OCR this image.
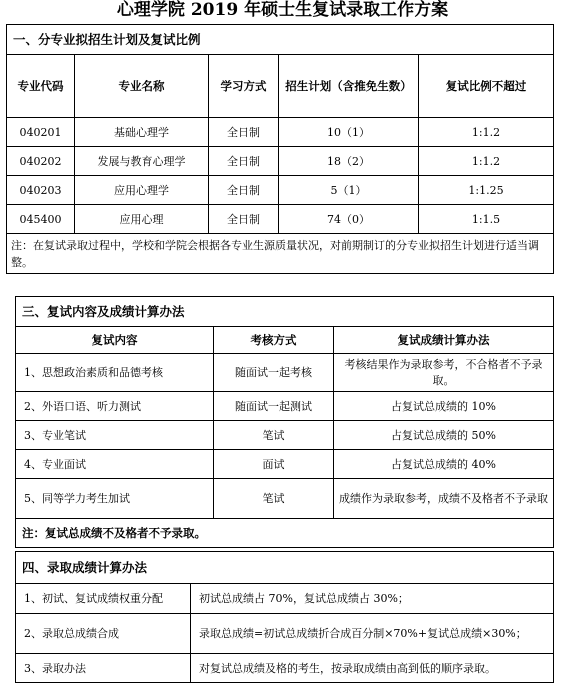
心理学院 2019 年硕士生复试录取工作方案
一、分专业拟招生计划及复试比例				
专业代码	专业名称	学习方式	招生计划（含推免生数）	复试比例不超过
040201	基础心理学	全日制	10（1）	1:1.2
040202	发展与教育心理学	全日制	18（2）	1:1.2
040203	应用心理学	全日制	5（1）	1:1.25
045400	应用心理	全日制	74（0）	1:1.5
注：在复试录取过程中，学校和学院会根据各专业生源质量状况，对前期制订的分专业拟招生计划进行适当调整。				
三、复试内容及成绩计算办法		
复试内容	考核方式	复试成绩计算办法
1、思想政治素质和品德考核	随面试一起考核	考核结果作为录取参考，不合格者不予录取。
2、外语口语、听力测试	随面试一起测试	占复试总成绩的 10%
3、专业笔试	笔试	占复试总成绩的 50%
4、专业面试	面试	占复试总成绩的 40%
5、同等学力考生加试	笔试	成绩作为录取参考，成绩不及格者不予录取
注：复试总成绩不及格者不予录取。		
四、录取成绩计算办法	
1、初试、复试成绩权重分配	初试总成绩占 70%，复试总成绩占 30%；
2、录取总成绩合成	录取总成绩=初试总成绩折合成百分制×70%+复试总成绩×30%；
3、录取办法	对复试总成绩及格的考生，按录取成绩由高到低的顺序录取。
